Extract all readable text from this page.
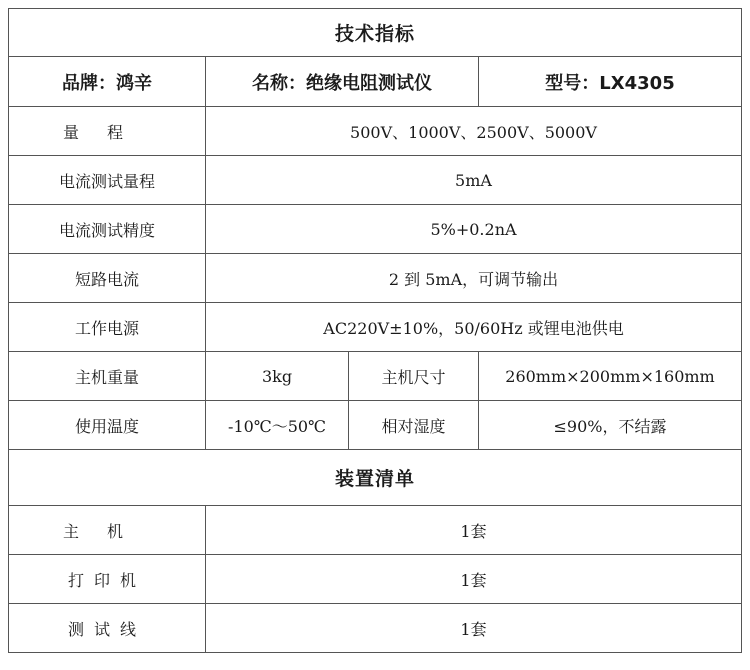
技术指标			
品牌：鸿辛	名称：绝缘电阻测试仪		型号：LX4305
量程	500V、1000V、2500V、5000V		
电流测试量程	5mA		
电流测试精度	5%+0.2nA		
短路电流	2 到 5mA，可调节输出		
工作电源	AC220V±10%，50/60Hz 或锂电池供电		
主机重量	3kg	主机尺寸	260mm×200mm×160mm
使用温度	-10℃～50℃	相对湿度	≤90%，不结露
装置清单			
主机	1套		
打印机	1套		
测试线	1套		
